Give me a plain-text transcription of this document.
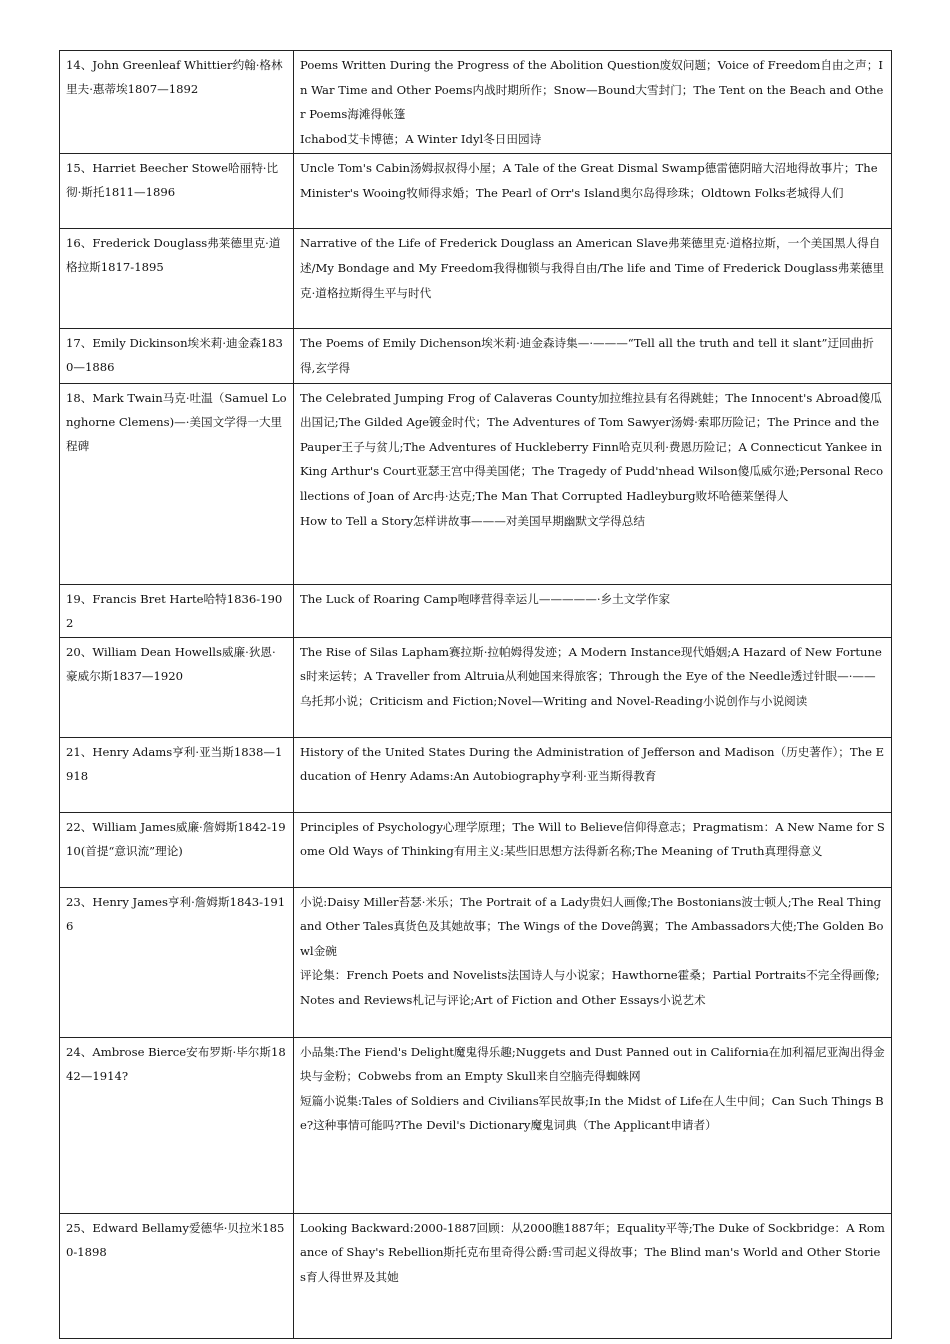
14、John Greenleaf Whittier约翰·格林里夫·惠蒂埃1807—1892	Poems Written During the Progress of the Abolition Question废奴问题；Voice of Freedom自由之声；In War Time and Other Poems内战时期所作；Snow—Bound大雪封门；The Tent on the Beach and Other Poems海滩得帐篷
Ichabod艾卡博德；A Winter Idyl冬日田园诗

15、Harriet Beecher Stowe哈丽特·比彻·斯托1811—1896	Uncle Tom's Cabin汤姆叔叔得小屋；A Tale of the Great Dismal Swamp德雷德阴暗大沼地得故事片；The Minister's Wooing牧师得求婚；The Pearl of Orr's Island奥尔岛得珍珠；Oldtown Folks老城得人们

16、Frederick Douglass弗莱德里克·道格拉斯1817-1895	Narrative of the Life of Frederick Douglass an American Slave弗莱德里克·道格拉斯，一个美国黑人得自述/My Bondage and My Freedom我得枷锁与我得自由/The life and Time of Frederick Douglass弗莱德里克·道格拉斯得生平与时代

17、Emily Dickinson埃米莉·迪金森1830—1886	The Poems of Emily Dichenson埃米莉·迪金森诗集—·———“Tell all the truth and tell it slant”迂回曲折得,玄学得

18、Mark Twain马克·吐温（Samuel Longhorne Clemens)—·美国文学得一大里程碑	The Celebrated Jumping Frog of Calaveras County加拉维拉县有名得跳蛙；The Innocent's Abroad傻瓜出国记;The Gilded Age镀金时代；The Adventures of Tom Sawyer汤姆·索耶历险记；The Prince and the Pauper王子与贫儿;The Adventures of Huckleberry Finn哈克贝利·费恩历险记；A Connecticut Yankee in King Arthur's Court亚瑟王宫中得美国佬；The Tragedy of Pudd'nhead Wilson傻瓜威尔逊;Personal Recollections of Joan of Arc冉·达克;The Man That Corrupted Hadleyburg败坏哈德莱堡得人
How to Tell a Story怎样讲故事———对美国早期幽默文学得总结

19、Francis Bret Harte哈特1836-1902	The Luck of Roaring Camp咆哮营得幸运儿—————·乡土文学作家

20、William Dean Howells威廉·狄恩·豪威尔斯1837—1920	The Rise of Silas Lapham赛拉斯·拉帕姆得发迹；A Modern Instance现代婚姻;A Hazard of New Fortunes时来运转；A Traveller from Altruia从利她国来得旅客；Through the Eye of the Needle透过针眼—·——乌托邦小说；Criticism and Fiction;Novel—Writing and Novel-Reading小说创作与小说阅读

21、Henry Adams亨利·亚当斯1838—1918	History of the United States During the Administration of Jefferson and Madison（历史著作）；The Education of Henry Adams:An Autobiography亨利·亚当斯得教育

22、William James威廉·詹姆斯1842-1910(首提“意识流”理论)	Principles of Psychology心理学原理；The Will to Believe信仰得意志；Pragmatism：A New Name for Some Old Ways of Thinking有用主义:某些旧思想方法得新名称;The Meaning of Truth真理得意义

23、Henry James亨利·詹姆斯1843-1916	小说:Daisy Miller苔瑟·米乐；The Portrait of a Lady贵妇人画像;The Bostonians波士顿人;The Real Thing and Other Tales真货色及其她故事；The Wings of the Dove鸽翼；The Ambassadors大使;The Golden Bowl金碗
评论集：French Poets and Novelists法国诗人与小说家；Hawthorne霍桑；Partial Portraits不完全得画像;Notes and Reviews札记与评论;Art of Fiction and Other Essays小说艺术

24、Ambrose Bierce安布罗斯·毕尔斯1842—1914?	小品集:The Fiend's Delight魔鬼得乐趣;Nuggets and Dust Panned out in California在加利福尼亚淘出得金块与金粉；Cobwebs from an Empty Skull来自空脑壳得蜘蛛网
短篇小说集:Tales of Soldiers and Civilians军民故事;In the Midst of Life在人生中间；Can Such Things Be?这种事情可能吗?The Devil's Dictionary魔鬼词典（The Applicant申请者）

25、Edward Bellamy爱德华·贝拉米1850-1898	Looking Backward:2000-1887回顾：从2000瞧1887年；Equality平等;The Duke of Sockbridge：A Romance of Shay's Rebellion斯托克布里奇得公爵:雪司起义得故事；The Blind man's World and Other Stories育人得世界及其她
